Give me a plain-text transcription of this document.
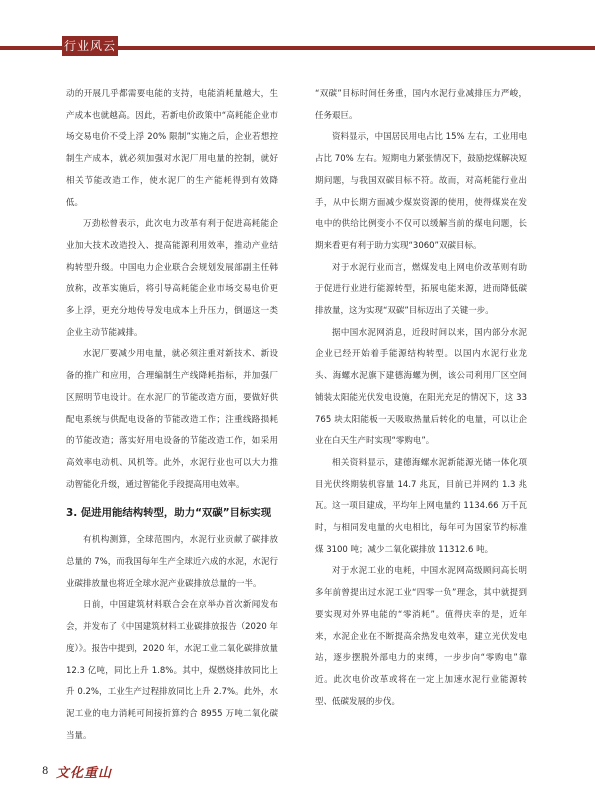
行业风云

动的开展几乎都需要电能的支持，电能消耗量越大，生产成本也就越高。因此，若新电价政策中“高耗能企业市场交易电价不受上浮 20% 限制”实施之后，企业若想控制生产成本，就必须加强对水泥厂用电量的控制，就好相关节能改造工作，使水泥厂的生产能耗得到有效降低。

万劲松曾表示，此次电力改革有利于促进高耗能企业加大技术改造投入、提高能源利用效率，推动产业结构转型升级。中国电力企业联合会规划发展部副主任韩放称，改革实施后，将引导高耗能企业市场交易电价更多上浮，更充分地传导发电成本上升压力，倒逼这一类企业主动节能减排。

水泥厂要减少用电量，就必须注重对新技术、新设备的推广和应用，合理编制生产线降耗指标，并加强厂区照明节电设计。在水泥厂的节能改造方面，要做好供配电系统与供配电设备的节能改造工作；注重线路损耗的节能改造；落实好用电设备的节能改造工作，如采用高效率电动机、风机等。此外，水泥行业也可以大力推动智能化升级，通过智能化手段提高用电效率。

3. 促进用能结构转型，助力“双碳”目标实现

有机构测算，全球范围内，水泥行业贡献了碳排放总量的 7%，而我国每年生产全球近六成的水泥，水泥行业碳排放量也将近全球水泥产业碳排放总量的一半。

日前，中国建筑材料联合会在京举办首次新闻发布会，并发布了《中国建筑材料工业碳排放报告（2020 年度）》。报告中提到，2020 年，水泥工业二氧化碳排放量 12.3 亿吨，同比上升 1.8%。其中，煤燃烧排放同比上升 0.2%，工业生产过程排放同比上升 2.7%。此外，水泥工业的电力消耗可间接折算约合 8955 万吨二氧化碳当量。

“双碳”目标时间任务重，国内水泥行业减排压力严峻，任务艰巨。

资料显示，中国居民用电占比 15% 左右，工业用电占比 70% 左右。短期电力紧张情况下，鼓励挖煤解决短期问题，与我国双碳目标不符。故而，对高耗能行业出手，从中长期方面减少煤炭资源的使用，使得煤炭在发电中的供给比例变小不仅可以缓解当前的煤电问题，长期来看更有利于助力实现“3060”双碳目标。

对于水泥行业而言，燃煤发电上网电价改革则有助于促进行业进行能源转型，拓展电能来源，进而降低碳排放量，这为实现“双碳”目标迈出了关键一步。

据中国水泥网消息，近段时间以来，国内部分水泥企业已经开始着手能源结构转型。以国内水泥行业龙头、海螺水泥旗下建德海螺为例，该公司利用厂区空间铺装太阳能光伏发电设施，在阳光充足的情况下，这 33765 块太阳能板一天吸取热量后转化的电量，可以让企业在白天生产时实现“零购电”。

相关资料显示，建德海螺水泥新能源光储一体化项目光伏终期装机容量 14.7 兆瓦，目前已并网约 1.3 兆瓦。这一项目建成，平均年上网电量约 1134.66 万千瓦时，与相同发电量的火电相比，每年可为国家节约标准煤 3100 吨；减少二氧化碳排放 11312.6 吨。

对于水泥工业的电耗，中国水泥网高级顾问高长明多年前曾提出过水泥工业“四零一负”理念，其中就提到要实现对外界电能的“零消耗”。值得庆幸的是，近年来，水泥企业在不断提高余热发电效率，建立光伏发电站，逐步摆脱外部电力的束缚，一步步向“零购电”靠近。此次电价改革或将在一定上加速水泥行业能源转型、低碳发展的步伐。

8 文化重山
